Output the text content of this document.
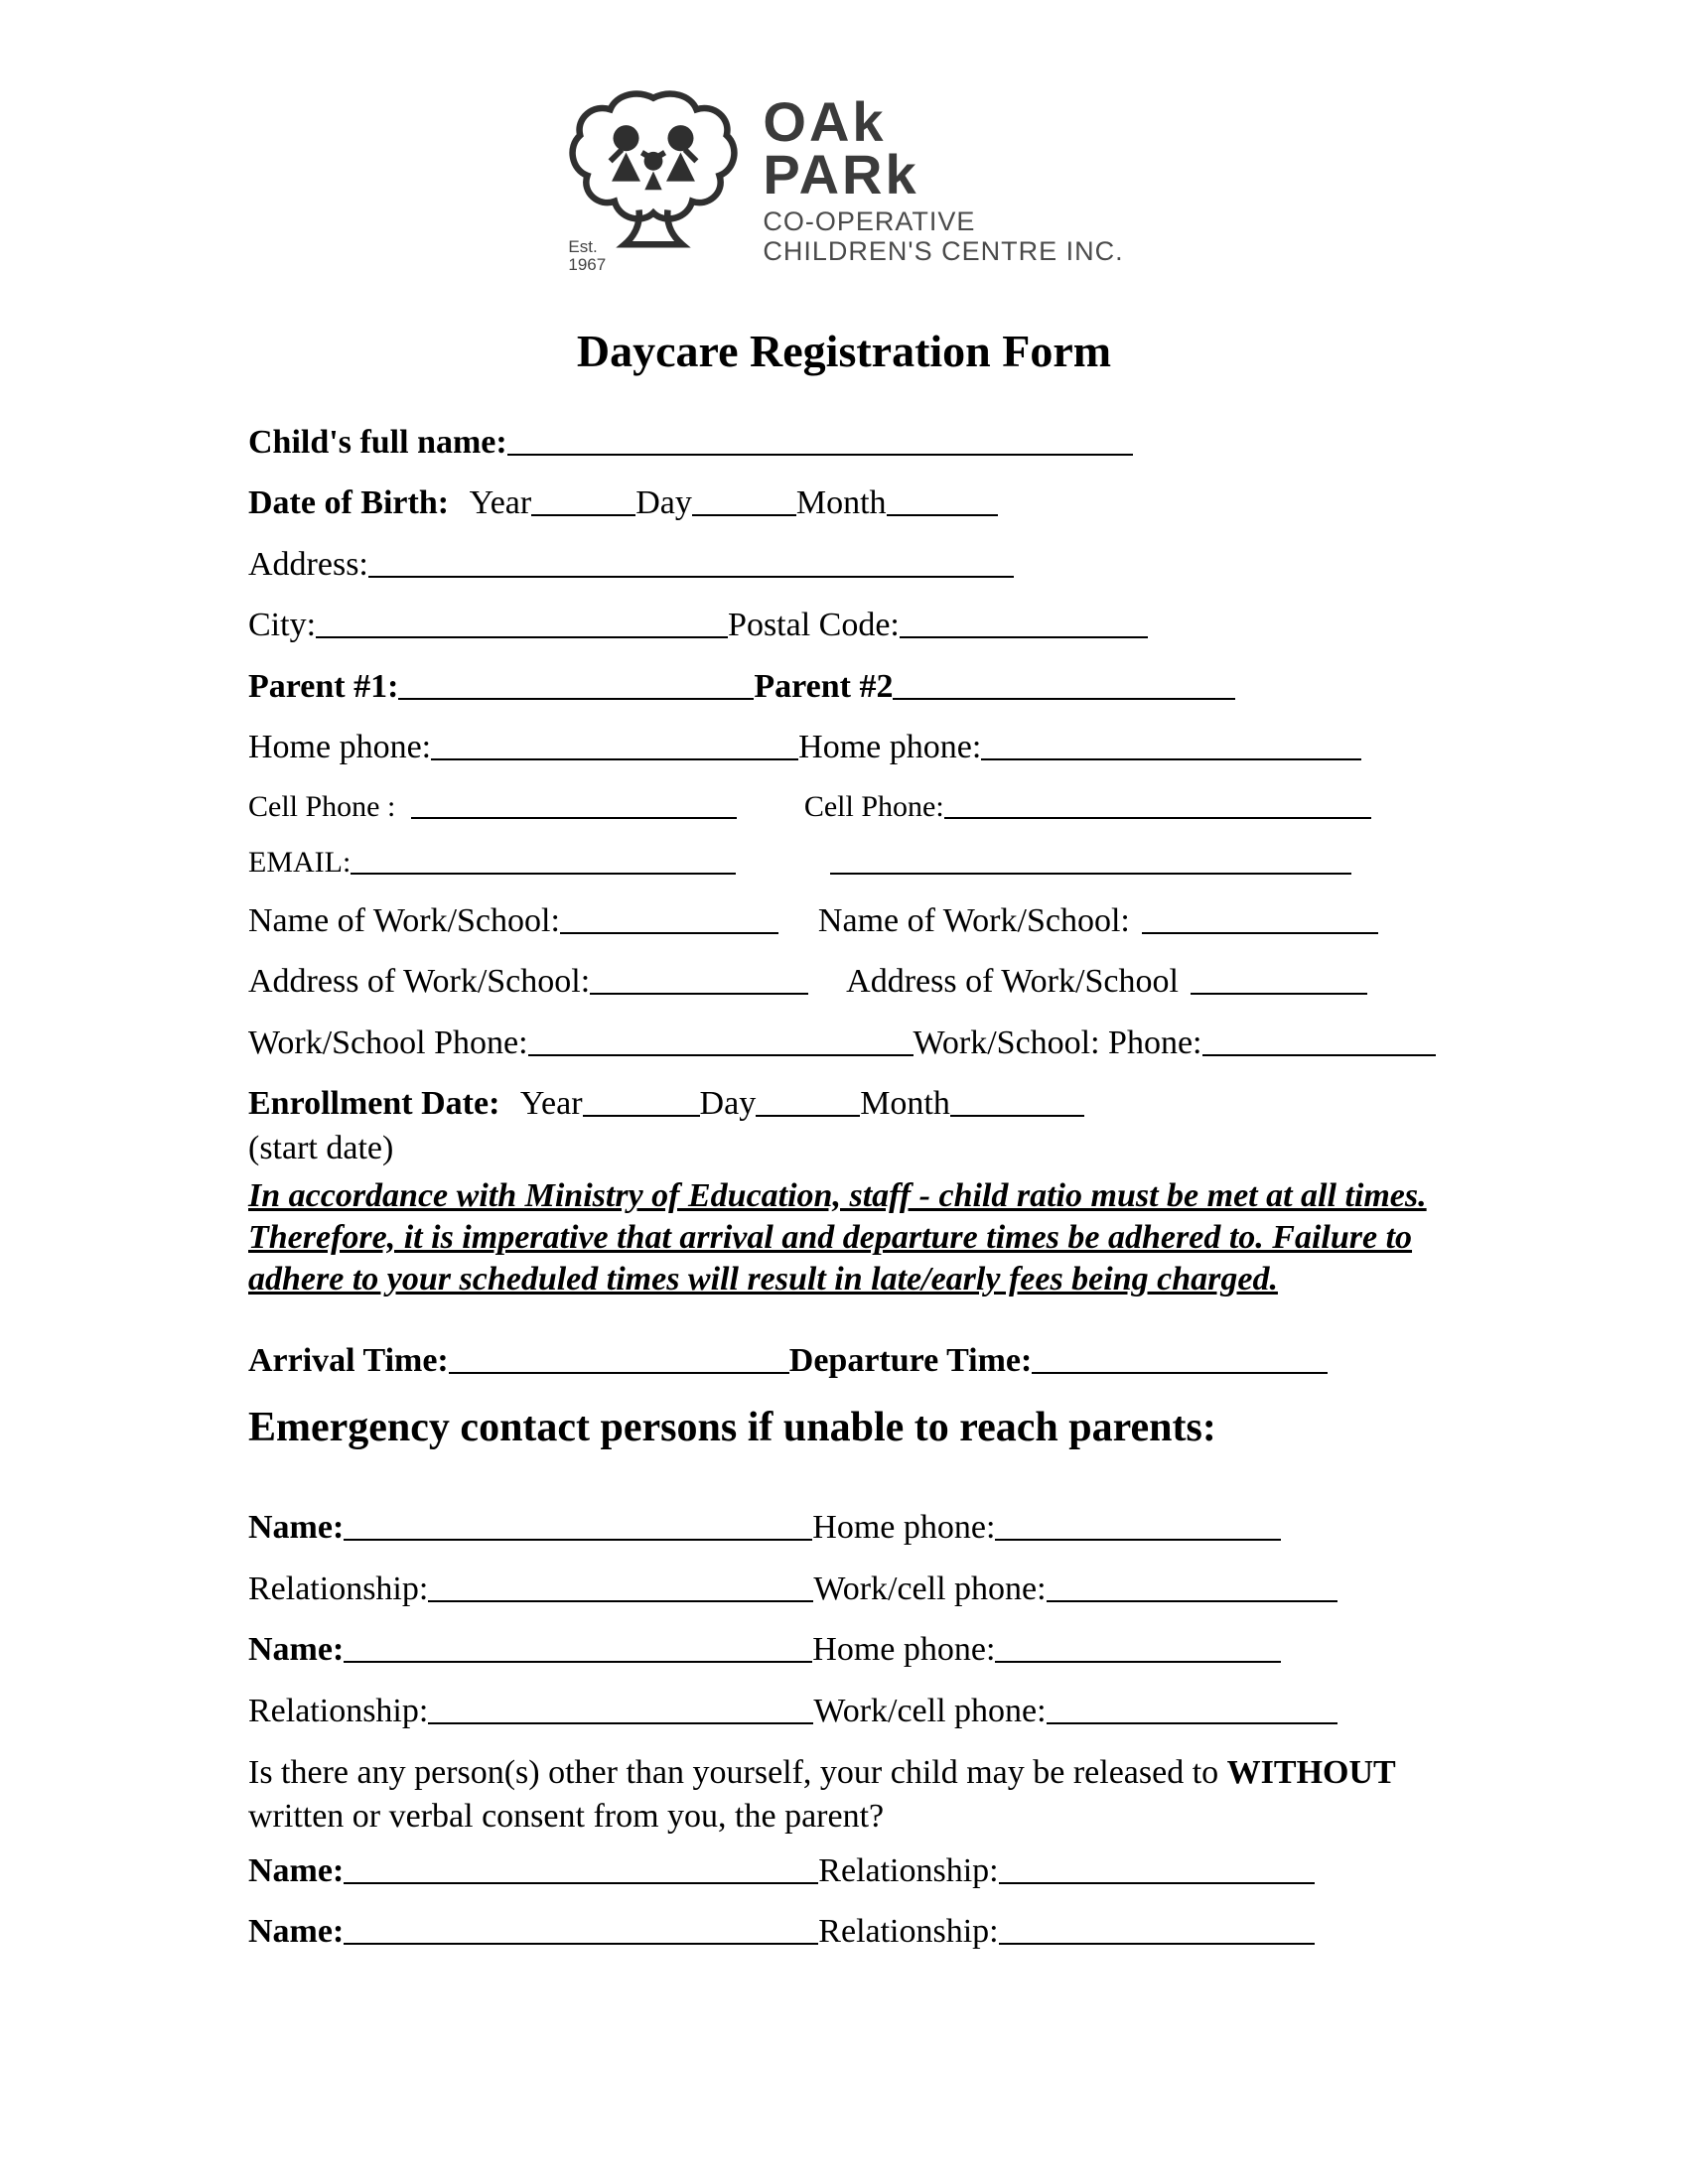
Est.
1967
OAk
PARk
CO-OPERATIVE
CHILDREN'S CENTRE INC.
Daycare Registration Form
Child's full name:
Date of Birth: Year	Day	Month
Address:
City:	Postal Code:
Parent #1:	Parent #2
Home phone:	Home phone:
Cell Phone :	Cell Phone:
EMAIL:
Name of Work/School:	Name of Work/School:
Address of Work/School:	Address of Work/School
Work/School Phone:	Work/School: Phone:
Enrollment Date: Year	Day	Month
(start date)
In accordance with Ministry of Education, staff - child ratio must be met at all times. Therefore, it is imperative that arrival and departure times be adhered to. Failure to adhere to your scheduled times will result in late/early fees being charged.
Arrival Time:	Departure Time:
Emergency contact persons if unable to reach parents:
Name:	Home phone:
Relationship:	Work/cell phone:
Name:	Home phone:
Relationship:	Work/cell phone:
Is there any person(s) other than yourself, your child may be released to WITHOUT written or verbal consent from you, the parent?
Name:	Relationship:
Name:	Relationship:
